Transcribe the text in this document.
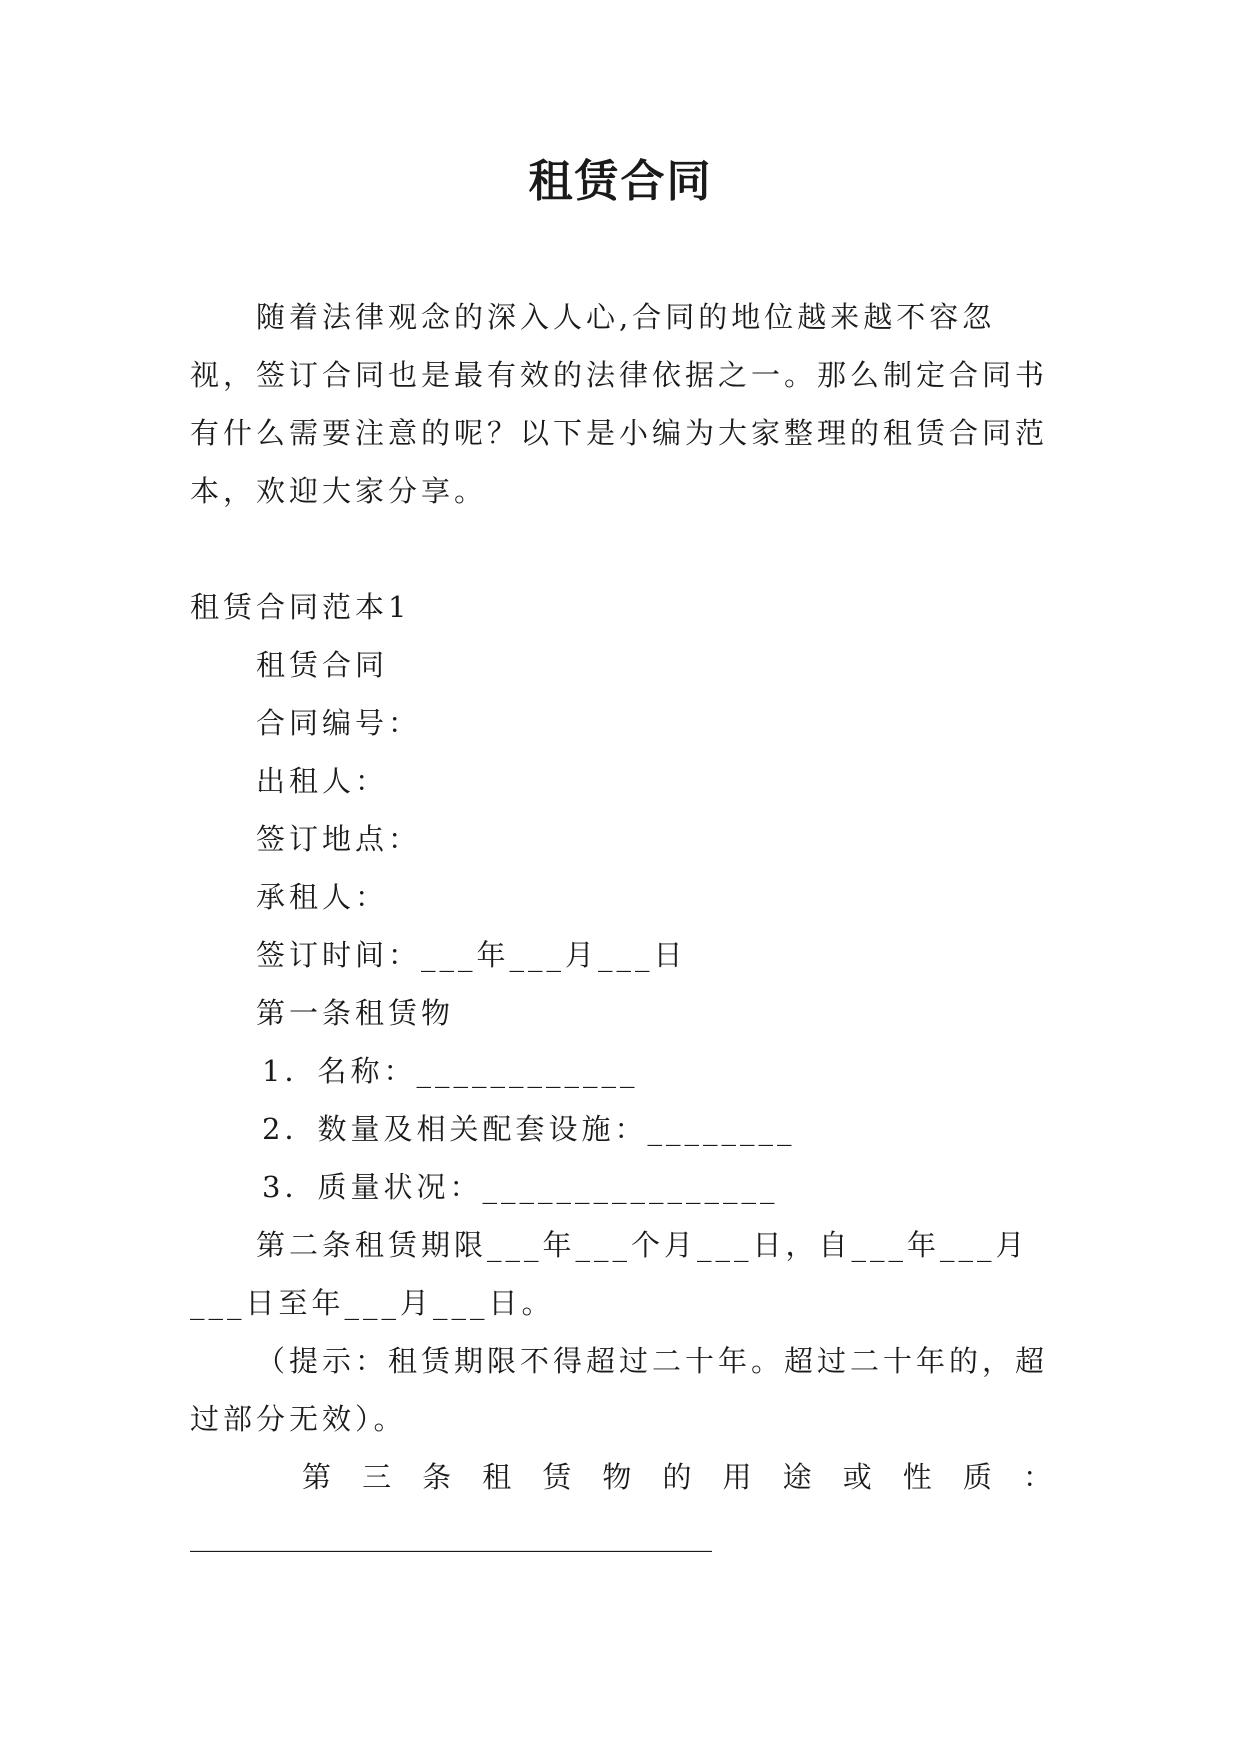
租赁合同

随着法律观念的深入人心,合同的地位越来越不容忽视，签订合同也是最有效的法律依据之一。那么制定合同书有什么需要注意的呢？以下是小编为大家整理的租赁合同范本，欢迎大家分享。

租赁合同范本1

租赁合同

合同编号：

出租人：

签订地点：

承租人：

签订时间：___年___月___日

第一条租赁物

1．名称：____________

2．数量及相关配套设施：________

3．质量状况：________________

第二条租赁期限___年___个月___日，自___年___月___日至年___月___日。

（提示：租赁期限不得超过二十年。超过二十年的，超过部分无效）。

第 三 条 租 赁 物 的 用 途 或 性 质 ：

____________________________________
